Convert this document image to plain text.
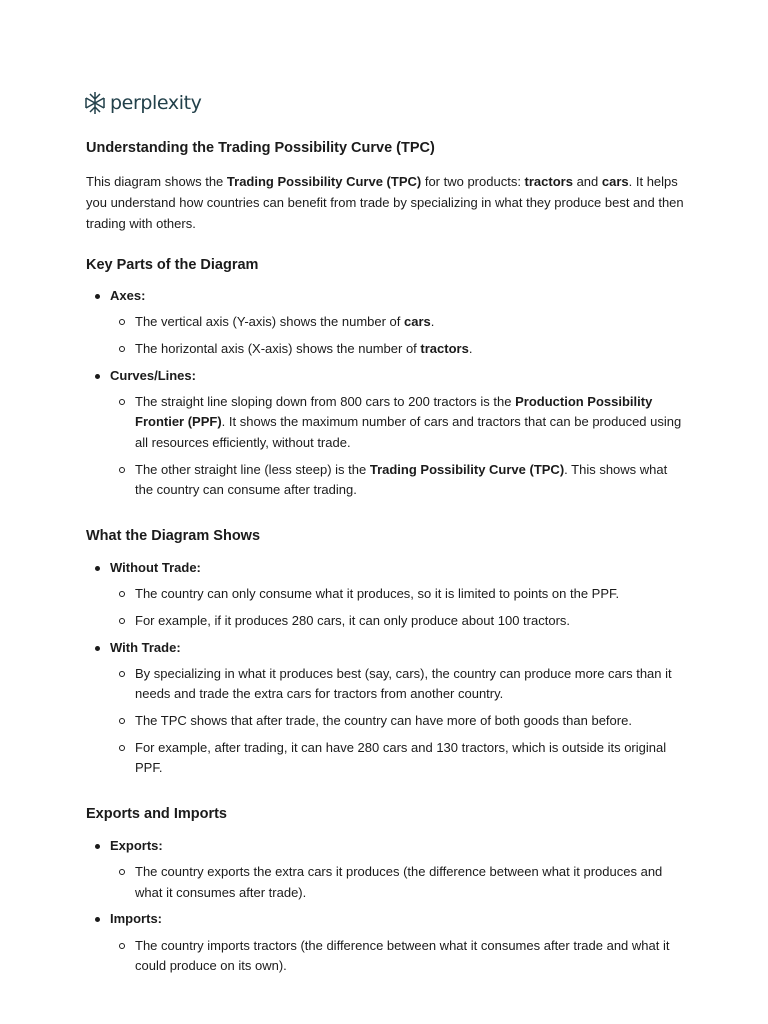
perplexity
Understanding the Trading Possibility Curve (TPC)

This diagram shows the Trading Possibility Curve (TPC) for two products: tractors and cars. It helps you understand how countries can benefit from trade by specializing in what they produce best and then trading with others.

Key Parts of the Diagram
Axes:
The vertical axis (Y-axis) shows the number of cars.
The horizontal axis (X-axis) shows the number of tractors.
Curves/Lines:
The straight line sloping down from 800 cars to 200 tractors is the Production Possibility Frontier (PPF). It shows the maximum number of cars and tractors that can be produced using all resources efficiently, without trade.
The other straight line (less steep) is the Trading Possibility Curve (TPC). This shows what the country can consume after trading.
What the Diagram Shows
Without Trade:
The country can only consume what it produces, so it is limited to points on the PPF.
For example, if it produces 280 cars, it can only produce about 100 tractors.
With Trade:
By specializing in what it produces best (say, cars), the country can produce more cars than it needs and trade the extra cars for tractors from another country.
The TPC shows that after trade, the country can have more of both goods than before.
For example, after trading, it can have 280 cars and 130 tractors, which is outside its original PPF.
Exports and Imports
Exports:
The country exports the extra cars it produces (the difference between what it produces and what it consumes after trade).
Imports:
The country imports tractors (the difference between what it consumes after trade and what it could produce on its own).
